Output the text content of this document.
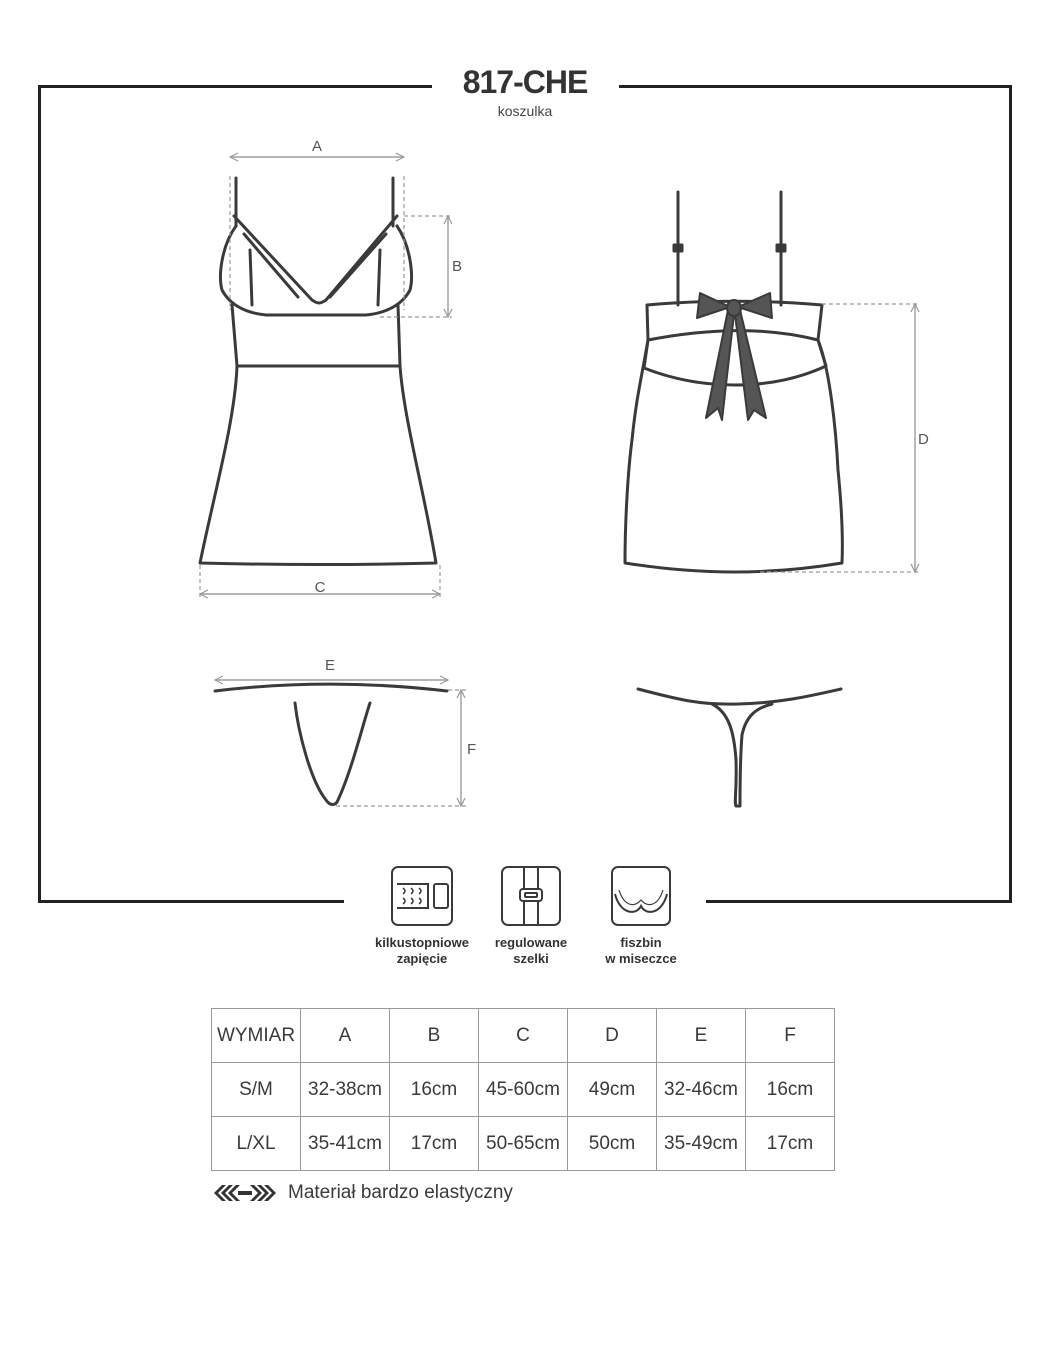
817-CHE
koszulka
A
B
C
D
E
F
kilkustopniowe
zapięcie
regulowane
szelki
fiszbin
w miseczce
WYMIAR	A	B	C	D	E	F
S/M	32-38cm	16cm	45-60cm	49cm	32-46cm	16cm
L/XL	35-41cm	17cm	50-65cm	50cm	35-49cm	17cm
Materiał bardzo elastyczny
